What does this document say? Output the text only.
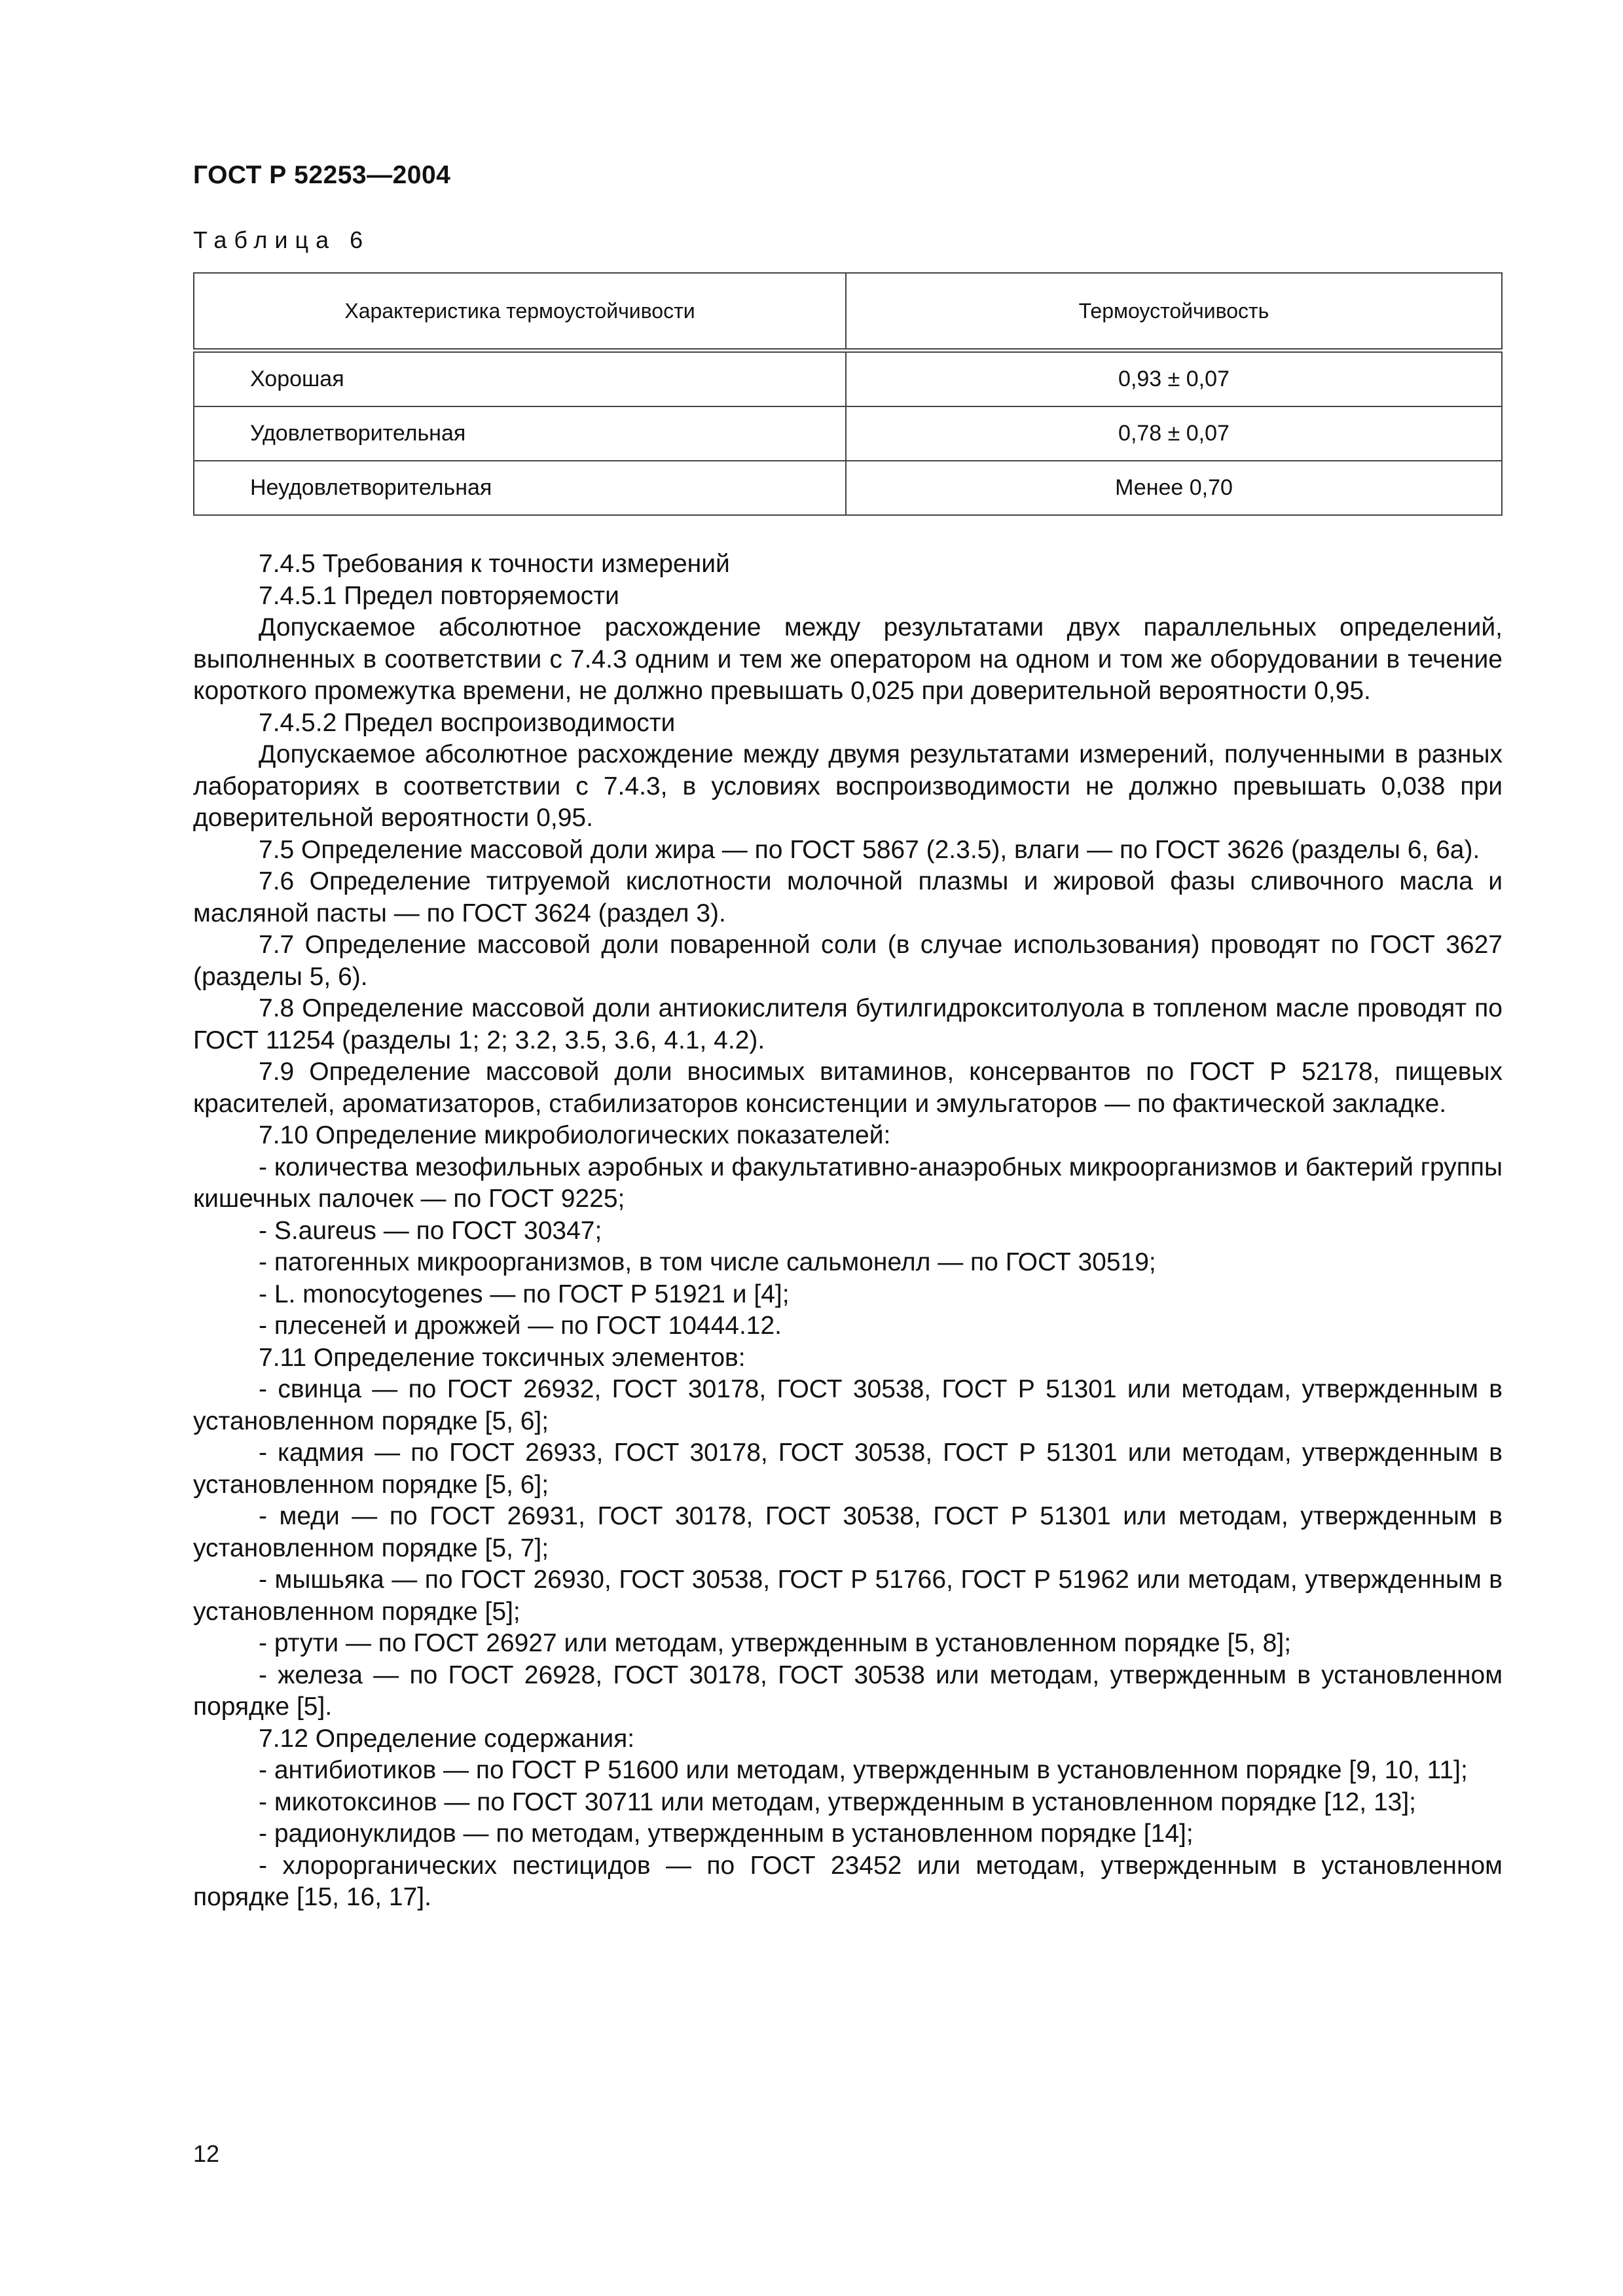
ГОСТ Р 52253—2004
Таблица 6
Характеристика термоустойчивости	Термоустойчивость
Хорошая	0,93 ± 0,07
Удовлетворительная	0,78 ± 0,07
Неудовлетворительная	Менее 0,70

7.4.5 Требования к точности измерений

7.4.5.1 Предел повторяемости

Допускаемое абсолютное расхождение между результатами двух параллельных определений, выполненных в соответствии с 7.4.3 одним и тем же оператором на одном и том же оборудовании в течение короткого промежутка времени, не должно превышать 0,025 при доверительной вероятности 0,95.

7.4.5.2 Предел воспроизводимости

Допускаемое абсолютное расхождение между двумя результатами измерений, полученными в разных лабораториях в соответствии с 7.4.3, в условиях воспроизводимости не должно превышать 0,038 при доверительной вероятности 0,95.

7.5 Определение массовой доли жира — по ГОСТ 5867 (2.3.5), влаги — по ГОСТ 3626 (разделы 6, 6а).

7.6 Определение титруемой кислотности молочной плазмы и жировой фазы сливочного масла и масляной пасты — по ГОСТ 3624 (раздел 3).

7.7 Определение массовой доли поваренной соли (в случае использования) проводят по ГОСТ 3627 (разделы 5, 6).

7.8 Определение массовой доли антиокислителя бутилгидрокситолуола в топленом масле проводят по ГОСТ 11254 (разделы 1; 2; 3.2, 3.5, 3.6, 4.1, 4.2).

7.9 Определение массовой доли вносимых витаминов, консервантов по ГОСТ Р 52178, пищевых красителей, ароматизаторов, стабилизаторов консистенции и эмульгаторов — по фактической закладке.

7.10 Определение микробиологических показателей:

- количества мезофильных аэробных и факультативно-анаэробных микроорганизмов и бактерий группы кишечных палочек — по ГОСТ 9225;

- S.aureus — по ГОСТ 30347;

- патогенных микроорганизмов, в том числе сальмонелл — по ГОСТ 30519;

- L. monocytogenes — по ГОСТ Р 51921 и [4];

- плесеней и дрожжей — по ГОСТ 10444.12.

7.11 Определение токсичных элементов:

- свинца — по ГОСТ 26932, ГОСТ 30178, ГОСТ 30538, ГОСТ Р 51301 или методам, утвержденным в установленном порядке [5, 6];

- кадмия — по ГОСТ 26933, ГОСТ 30178, ГОСТ 30538, ГОСТ Р 51301 или методам, утвержденным в установленном порядке [5, 6];

- меди — по ГОСТ 26931, ГОСТ 30178, ГОСТ 30538, ГОСТ Р 51301 или методам, утвержденным в установленном порядке [5, 7];

- мышьяка — по ГОСТ 26930, ГОСТ 30538, ГОСТ Р 51766, ГОСТ Р 51962 или методам, утвержденным в установленном порядке [5];

- ртути — по ГОСТ 26927 или методам, утвержденным в установленном порядке [5, 8];

- железа — по ГОСТ 26928, ГОСТ 30178, ГОСТ 30538 или методам, утвержденным в установленном порядке [5].

7.12 Определение содержания:

- антибиотиков — по ГОСТ Р 51600 или методам, утвержденным в установленном порядке [9, 10, 11];

- микотоксинов — по ГОСТ 30711 или методам, утвержденным в установленном порядке [12, 13];

- радионуклидов — по методам, утвержденным в установленном порядке [14];

- хлорорганических пестицидов — по ГОСТ 23452 или методам, утвержденным в установленном порядке [15, 16, 17].

12
